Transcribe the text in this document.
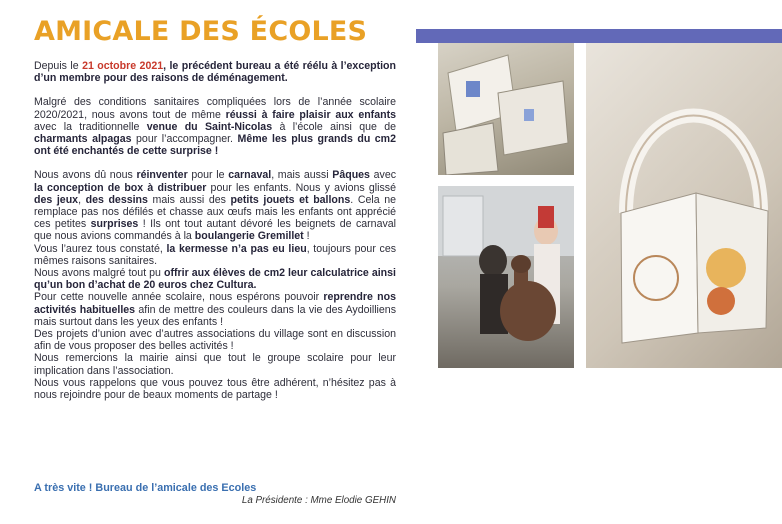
AMICALE DES ÉCOLES

Depuis le 21 octobre 2021, le précédent bureau a été réélu à l’exception d’un membre pour des raisons de déménagement.

Malgré des conditions sanitaires compliquées lors de l’année scolaire 2020/2021, nous avons tout de même réussi à faire plaisir aux enfants avec la traditionnelle venue du Saint-Nicolas à l’école ainsi que de charmants alpagas pour l’accompagner. Même les plus grands du cm2 ont été enchantés de cette surprise !

Nous avons dû nous réinventer pour le carnaval, mais aussi Pâques avec la conception de box à distribuer pour les enfants. Nous y avions glissé des jeux, des dessins mais aussi des petits jouets et ballons. Cela ne remplace pas nos défilés et chasse aux œufs mais les enfants ont apprécié ces petites surprises ! Ils ont tout autant dévoré les beignets de carnaval que nous avions commandés à la boulangerie Gremillet !

Vous l’aurez tous constaté, la kermesse n’a pas eu lieu, toujours pour ces mêmes raisons sanitaires.

Nous avons malgré tout pu offrir aux élèves de cm2 leur calculatrice ainsi qu’un bon d’achat de 20 euros chez Cultura.

Pour cette nouvelle année scolaire, nous espérons pouvoir reprendre nos activités habituelles afin de mettre des couleurs dans la vie des Aydoilliens mais surtout dans les yeux des enfants !

Des projets d’union avec d’autres associations du village sont en discussion afin de vous proposer des belles activités !

Nous remercions la mairie ainsi que tout le groupe scolaire pour leur implication dans l’association.

Nous vous rappelons que vous pouvez tous être adhérent, n’hésitez pas à nous rejoindre pour de beaux moments de partage !

A très vite ! Bureau de l’amicale des Ecoles
La Présidente : Mme Elodie GEHIN
